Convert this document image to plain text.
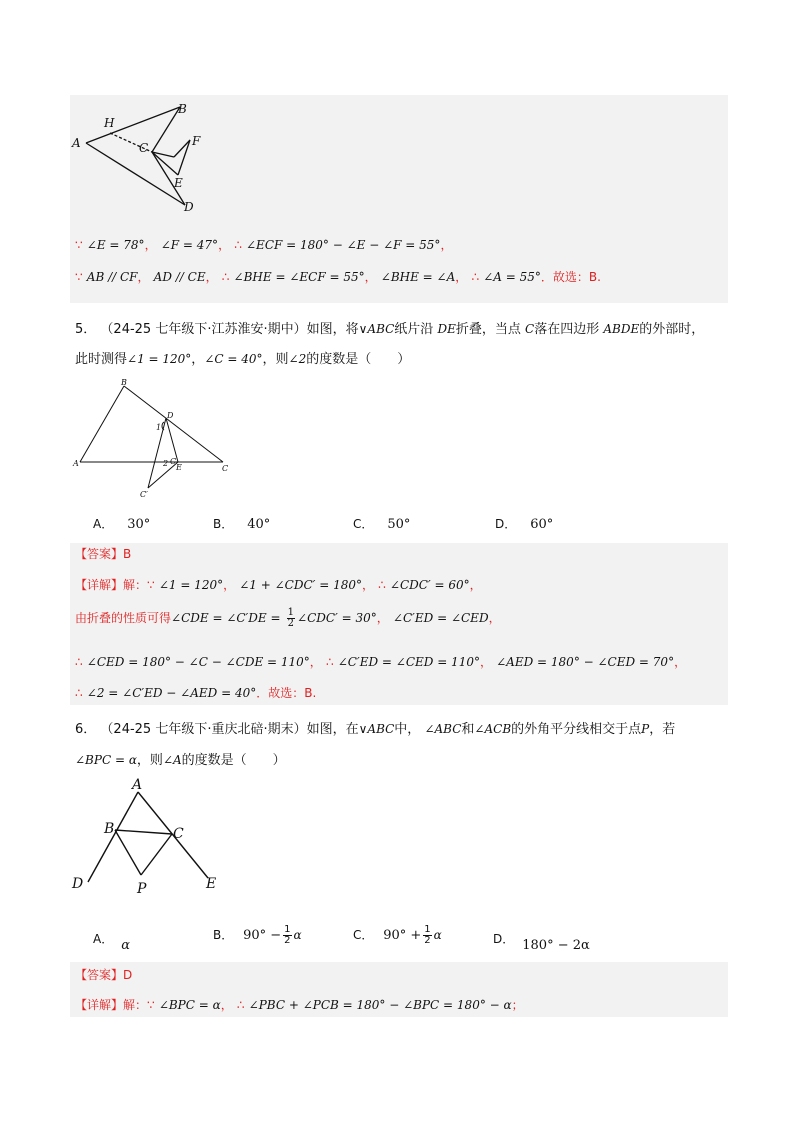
A
H
B
C	F
E
D
∵ ∠E = 78°， ∠F = 47°， ∴ ∠ECF = 180° − ∠E − ∠F = 55°，
∵ AB // CF， AD // CE， ∴ ∠BHE = ∠ECF = 55°， ∠BHE = ∠A， ∴ ∠A = 55°．故选：B.
5． （24-25 七年级下·江苏淮安·期中）如图，将∨ABC纸片沿 DE折叠，当点 C落在四边形 ABDE的外部时，
此时测得∠1 = 120°，∠C = 40°，则∠2的度数是（　　）
B
D
1
A	2 C
E	C
C′
A． 30°	B． 40°	C． 50°	D． 60°
【答案】B
【详解】解：∵ ∠1 = 120°， ∠1 + ∠CDC′ = 180°， ∴ ∠CDC′ = 60°，
由折叠的性质可得∠CDE = ∠C′DE = $\frac{1}{2}$ ∠CDC′ = 30°， ∠C′ED = ∠CED，
∴ ∠CED = 180° − ∠C − ∠CDE = 110°， ∴ ∠C′ED = ∠CED = 110°， ∠AED = 180° − ∠CED = 70°，
∴ ∠2 = ∠C′ED − ∠AED = 40°．故选：B.
6． （24-25 七年级下·重庆北碚·期末）如图，在∨ABC中， ∠ABC和∠ACB的外角平分线相交于点P，若
∠BPC = α，则∠A的度数是（　　）
A
B	C
D	P	E
A． α
B． $90^\circ - \frac{1}{2}$ α	C． $90^\circ + \frac{1}{2}$ α	D． 180° − 2α
【答案】D
【详解】解：∵ ∠BPC = α， ∴ ∠PBC + ∠PCB = 180° − ∠BPC = 180° − α；
